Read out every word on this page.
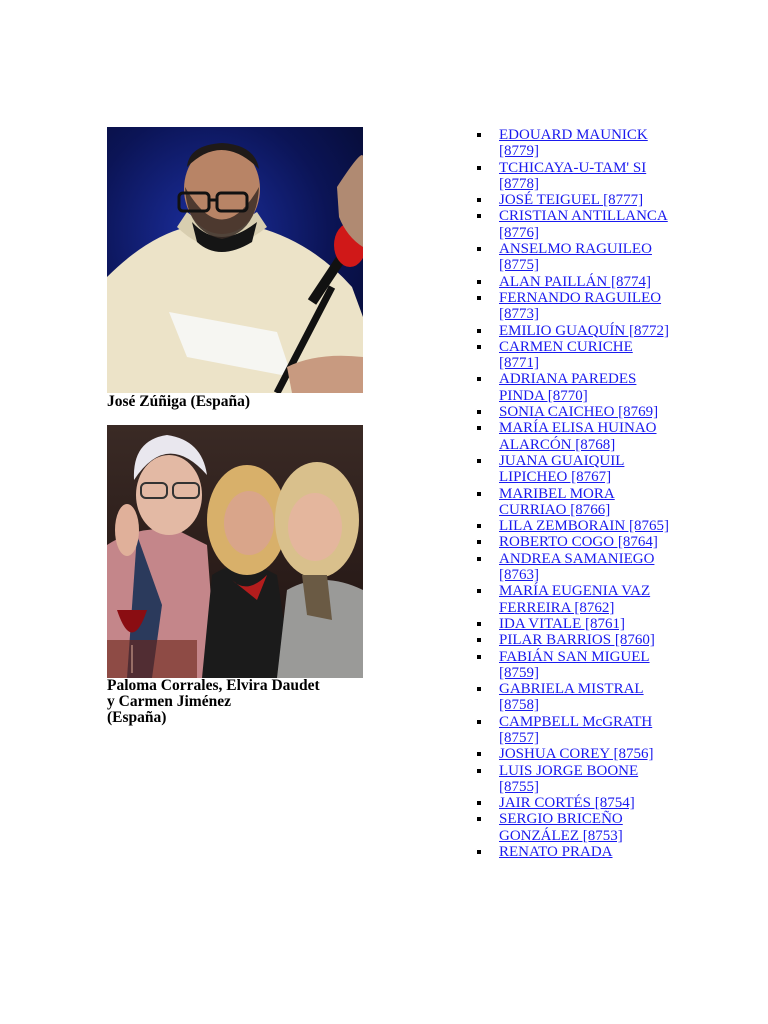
José Zúñiga (España)
Paloma Corrales, Elvira Daudet
y Carmen Jiménez
(España)
EDOUARD MAUNICK [8779]
TCHICAYA-U-TAM' SI [8778]
JOSÉ TEIGUEL [8777]
CRISTIAN ANTILLANCA [8776]
ANSELMO RAGUILEO [8775]
ALAN PAILLÁN [8774]
FERNANDO RAGUILEO [8773]
EMILIO GUAQUÍN [8772]
CARMEN CURICHE [8771]
ADRIANA PAREDES PINDA [8770]
SONIA CAICHEO [8769]
MARÍA ELISA HUINAO ALARCÓN [8768]
JUANA GUAIQUIL LIPICHEO [8767]
MARIBEL MORA CURRIAO [8766]
LILA ZEMBORAIN [8765]
ROBERTO COGO [8764]
ANDREA SAMANIEGO [8763]
MARÍA EUGENIA VAZ FERREIRA [8762]
IDA VITALE [8761]
PILAR BARRIOS [8760]
FABIÁN SAN MIGUEL [8759]
GABRIELA MISTRAL [8758]
CAMPBELL McGRATH [8757]
JOSHUA COREY [8756]
LUIS JORGE BOONE [8755]
JAIR CORTÉS [8754]
SERGIO BRICEÑO GONZÁLEZ [8753]
RENATO PRADA
